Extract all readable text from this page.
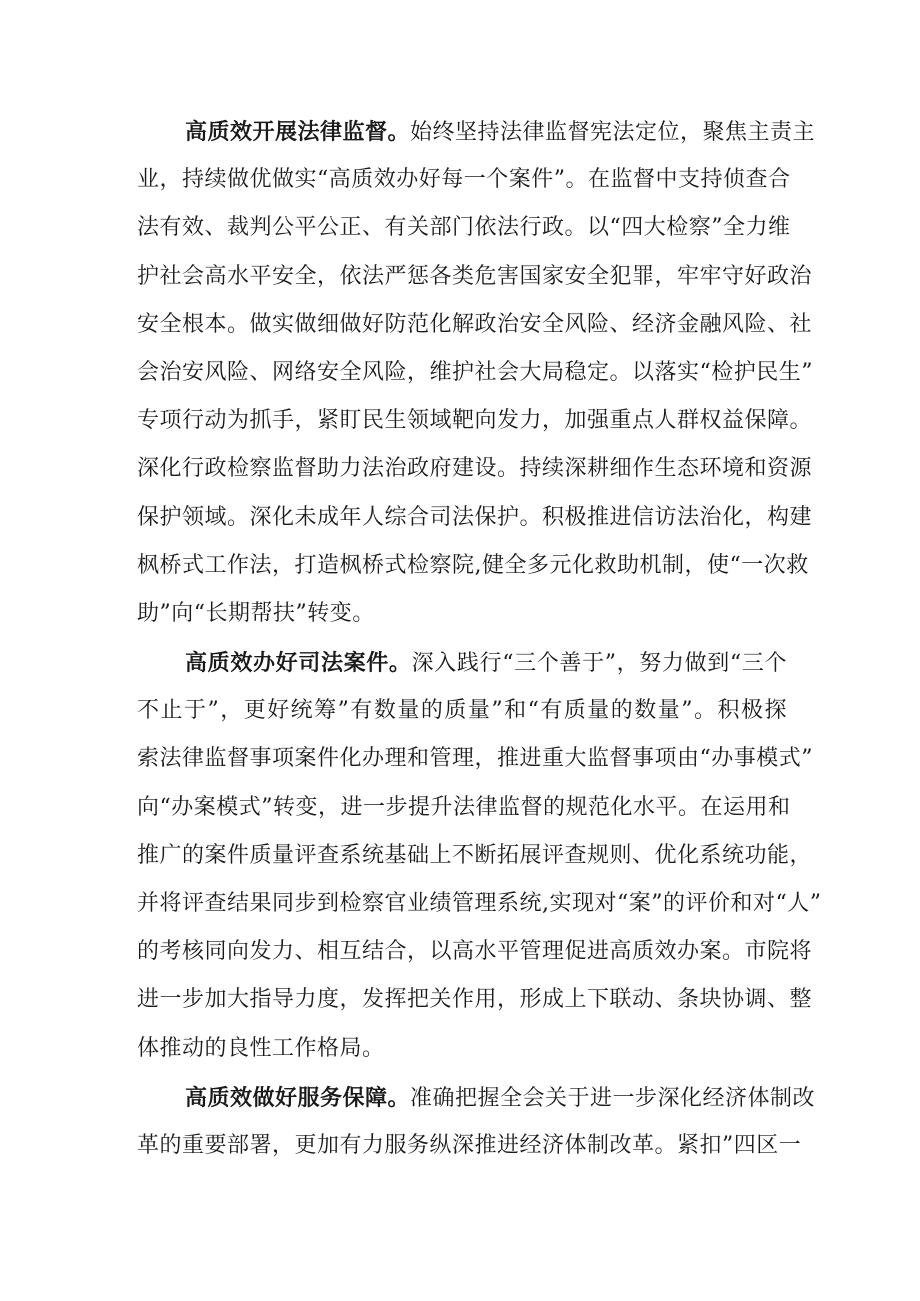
高质效开展法律监督。始终坚持法律监督宪法定位，聚焦主责主
业，持续做优做实“高质效办好每一个案件”。在监督中支持侦查合
法有效、裁判公平公正、有关部门依法行政。以“四大检察”全力维
护社会高水平安全，依法严惩各类危害国家安全犯罪，牢牢守好政治
安全根本。做实做细做好防范化解政治安全风险、经济金融风险、社
会治安风险、网络安全风险，维护社会大局稳定。以落实“检护民生”
专项行动为抓手，紧盯民生领域靶向发力，加强重点人群权益保障。
深化行政检察监督助力法治政府建设。持续深耕细作生态环境和资源
保护领域。深化未成年人综合司法保护。积极推进信访法治化，构建
枫桥式工作法，打造枫桥式检察院,健全多元化救助机制，使“一次救
助”向“长期帮扶”转变。
高质效办好司法案件。深入践行“三个善于”，努力做到“三个
不止于”，更好统筹”有数量的质量”和“有质量的数量”。积极探
索法律监督事项案件化办理和管理，推进重大监督事项由“办事模式”
向“办案模式”转变，进一步提升法律监督的规范化水平。在运用和
推广的案件质量评查系统基础上不断拓展评查规则、优化系统功能，
并将评查结果同步到检察官业绩管理系统,实现对“案”的评价和对“人”
的考核同向发力、相互结合，以高水平管理促进高质效办案。市院将
进一步加大指导力度，发挥把关作用，形成上下联动、条块协调、整
体推动的良性工作格局。
高质效做好服务保障。准确把握全会关于进一步深化经济体制改
革的重要部署，更加有力服务纵深推进经济体制改革。紧扣”四区一
